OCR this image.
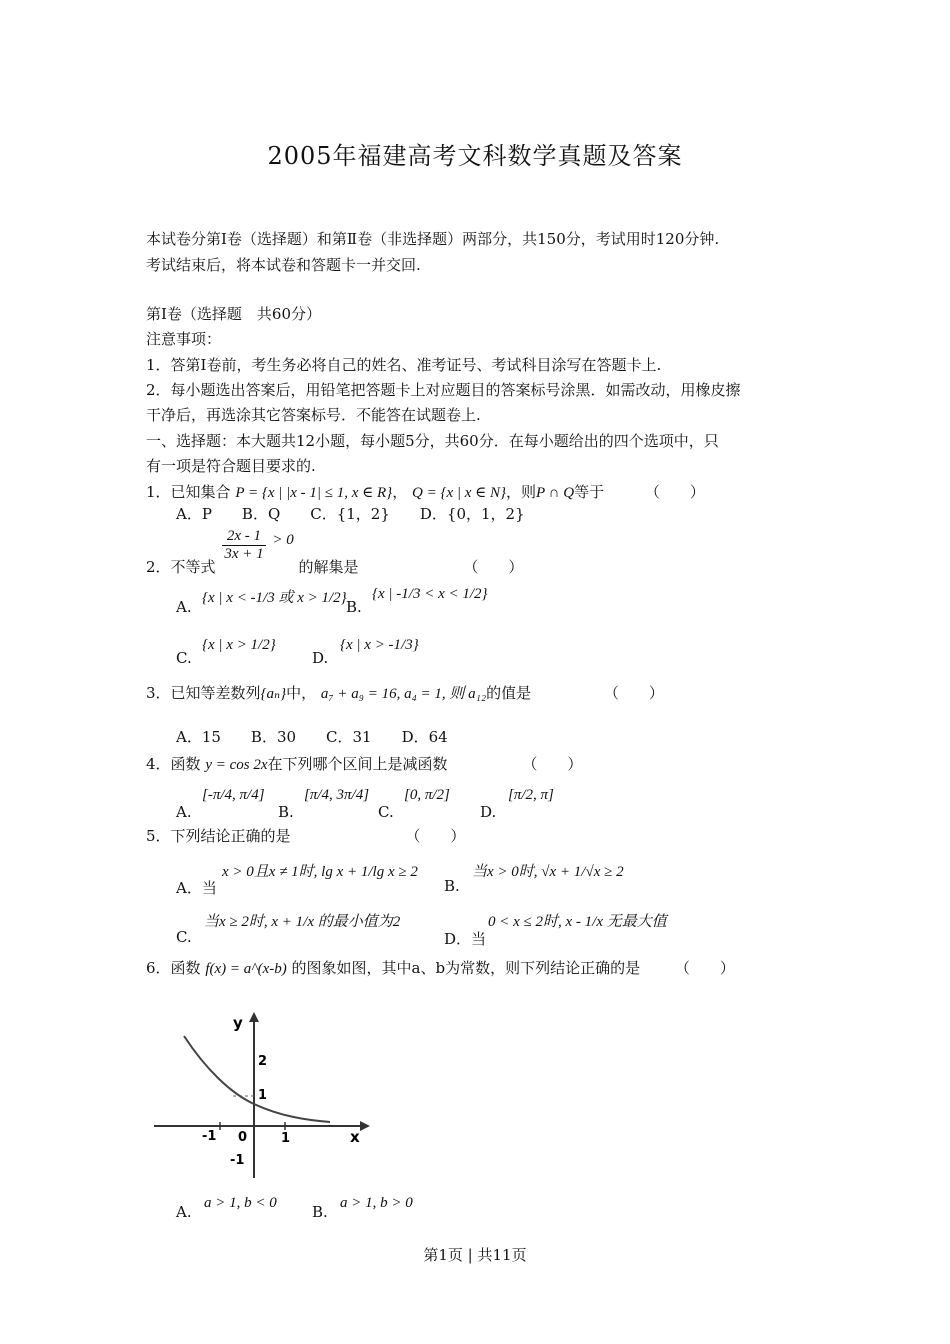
2005年福建高考文科数学真题及答案
本试卷分第Ⅰ卷（选择题）和第Ⅱ卷（非选择题）两部分，共150分，考试用时120分钟.
考试结束后，将本试卷和答题卡一并交回.
第Ⅰ卷（选择题　共60分）
注意事项：
1．答第Ⅰ卷前，考生务必将自己的姓名、准考证号、考试科目涂写在答题卡上.
2．每小题选出答案后，用铅笔把答题卡上对应题目的答案标号涂黑．如需改动，用橡皮擦
干净后，再选涂其它答案标号．不能答在试题卷上.
一、选择题：本大题共12小题，每小题5分，共60分．在每小题给出的四个选项中，只
有一项是符合题目要求的.
1．已知集合 P = {x | |x - 1| ≤ 1, x ∈ R}， Q = {x | x ∈ N}，则P ∩ Q等于	（　　）
A．P　　B．Q　　C．{1，2}　　D．{0，1，2}
2．不等式
$\frac{2x - 1}{3x + 1} > 0$ 的解集是	（　　）
A. {x | x < -1/3 或 x > 1/2} B.
{x | -1/3 < x < 1/2}
C.
{x | x > 1/2}
D.
{x | x > -1/3}
3．已知等差数列{aₙ}中， a₇ + a₉ = 16, a₄ = 1, 则 a₁₂的值是	（　　）
A．15　　B．30　　C．31　　D．64
4．函数 y = cos 2x在下列哪个区间上是减函数	（　　）
A.
[-π/4, π/4]
B.
[π/4, 3π/4]
C.
[0, π/2]
D.
[π/2, π]
5．下列结论正确的是	（　　）
A．当
x > 0且x ≠ 1时, lg x + 1/lg x ≥ 2
B.
当x > 0时, √x + 1/√x ≥ 2
C.
当x ≥ 2时, x + 1/x 的最小值为2
D．当
0 < x ≤ 2时, x - 1/x 无最大值
6．函数 f(x) = a^(x-b) 的图象如图，其中a、b为常数，则下列结论正确的是 （　　）
y
x
2
1
-1 0	1
-1
A. a > 1, b < 0 B. a > 1, b > 0
第1页 | 共11页
